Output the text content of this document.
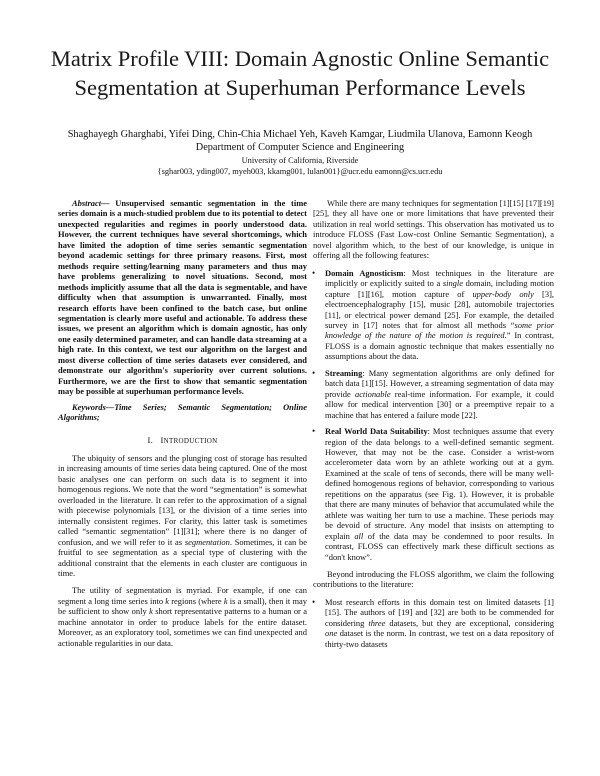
Matrix Profile VIII: Domain Agnostic Online Semantic
Segmentation at Superhuman Performance Levels
Shaghayegh Gharghabi, Yifei Ding, Chin-Chia Michael Yeh, Kaveh Kamgar, Liudmila Ulanova, Eamonn Keogh
Department of Computer Science and Engineering
University of California, Riverside
{sghar003, yding007, myeh003, kkamg001, lulan001}@ucr.edu eamonn@cs.ucr.edu

Abstract— Unsupervised semantic segmentation in the time series domain is a much-studied problem due to its potential to detect unexpected regularities and regimes in poorly understood data. However, the current techniques have several shortcomings, which have limited the adoption of time series semantic segmentation beyond academic settings for three primary reasons. First, most methods require setting/learning many parameters and thus may have problems generalizing to novel situations. Second, most methods implicitly assume that all the data is segmentable, and have difficulty when that assumption is unwarranted. Finally, most research efforts have been confined to the batch case, but online segmentation is clearly more useful and actionable. To address these issues, we present an algorithm which is domain agnostic, has only one easily determined parameter, and can handle data streaming at a high rate. In this context, we test our algorithm on the largest and most diverse collection of time series datasets ever considered, and demonstrate our algorithm's superiority over current solutions. Furthermore, we are the first to show that semantic segmentation may be possible at superhuman performance levels.

Keywords—Time Series; Semantic Segmentation; Online Algorithms;

I. INTRODUCTION

The ubiquity of sensors and the plunging cost of storage has resulted in increasing amounts of time series data being captured. One of the most basic analyses one can perform on such data is to segment it into homogenous regions. We note that the word “segmentation” is somewhat overloaded in the literature. It can refer to the approximation of a signal with piecewise polynomials [13], or the division of a time series into internally consistent regimes. For clarity, this latter task is sometimes called “semantic segmentation” [1][31]; where there is no danger of confusion, and we will refer to it as segmentation. Sometimes, it can be fruitful to see segmentation as a special type of clustering with the additional constraint that the elements in each cluster are contiguous in time.

The utility of segmentation is myriad. For example, if one can segment a long time series into k regions (where k is a small), then it may be sufficient to show only k short representative patterns to a human or a machine annotator in order to produce labels for the entire dataset. Moreover, as an exploratory tool, sometimes we can find unexpected and actionable regularities in our data.

While there are many techniques for segmentation [1][15] [17][19][25], they all have one or more limitations that have prevented their utilization in real world settings. This observation has motivated us to introduce FLOSS (Fast Low-cost Online Semantic Segmentation), a novel algorithm which, to the best of our knowledge, is unique in offering all the following features:

• Domain Agnosticism: Most techniques in the literature are implicitly or explicitly suited to a single domain, including motion capture [1][16], motion capture of upper-body only [3], electroencephalography [15], music [28], automobile trajectories [11], or electrical power demand [25]. For example, the detailed survey in [17] notes that for almost all methods “some prior knowledge of the nature of the motion is required.” In contrast, FLOSS is a domain agnostic technique that makes essentially no assumptions about the data.

• Streaming: Many segmentation algorithms are only defined for batch data [1][15]. However, a streaming segmentation of data may provide actionable real-time information. For example, it could allow for medical intervention [30] or a preemptive repair to a machine that has entered a failure mode [22].

• Real World Data Suitability: Most techniques assume that every region of the data belongs to a well-defined semantic segment. However, that may not be the case. Consider a wrist-worn accelerometer data worn by an athlete working out at a gym. Examined at the scale of tens of seconds, there will be many well-defined homogenous regions of behavior, corresponding to various repetitions on the apparatus (see Fig. 1). However, it is probable that there are many minutes of behavior that accumulated while the athlete was waiting her turn to use a machine. These periods may be devoid of structure. Any model that insists on attempting to explain all of the data may be condemned to poor results. In contrast, FLOSS can effectively mark these difficult sections as “don't know”.

Beyond introducing the FLOSS algorithm, we claim the following contributions to the literature:

• Most research efforts in this domain test on limited datasets [1][15]. The authors of [19] and [32] are both to be commended for considering three datasets, but they are exceptional, considering one dataset is the norm. In contrast, we test on a data repository of thirty-two datasets
